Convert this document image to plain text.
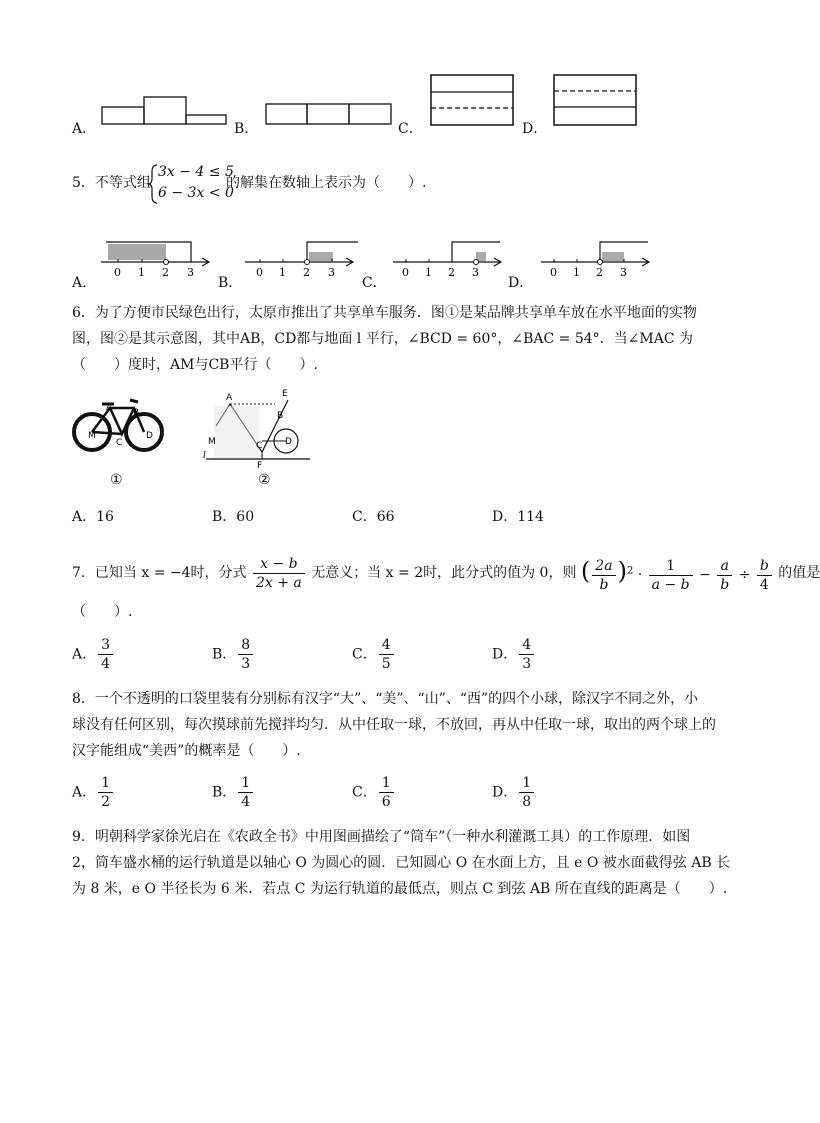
A．	B．	C．	D．
5．不等式组
3x − 4 ≤ 5
6 − 3x < 0
的解集在数轴上表示为（　　）.
A．
0 1 2 3
B．
0 1 2 3
C．
0 1 2 3
D．
0 1 2 3
6．为了方便市民绿色出行，太原市推出了共享单车服务．图①是某品牌共享单车放在水平地面的实物
图，图②是其示意图，其中AB，CD都与地面 l 平行，∠BCD = 60°，∠BAC = 54°．当∠MAC 为
（　　）度时，AM与CB平行（　　）.
A B
C
D
M
①
A
B
C	D
M
E
F
l
②
A．16	B．60	C．66	D．114
7．已知当 x = −4时，分式 $\frac{x - b}{2x + a}$ 无意义；当 x = 2时，此分式的值为 0，则 ( $\frac{2a}{b} )^2 \cdot \frac{1}{a - b} - \frac{a}{b} \div \frac{b}{4}$ 的值是
（　　）.
A． $\frac{3}{4}$	B． $\frac{8}{3}$	C． $\frac{4}{5}$	D． $\frac{4}{3}$
8．一个不透明的口袋里装有分别标有汉字“大”、“美”、“山”、“西”的四个小球，除汉字不同之外，小
球没有任何区别，每次摸球前先搅拌均匀．从中任取一球，不放回，再从中任取一球，取出的两个球上的
汉字能组成“美西”的概率是（　　）.
A． $\frac{1}{2}$	B． $\frac{1}{4}$	C． $\frac{1}{6}$	D． $\frac{1}{8}$
9．明朝科学家徐光启在《农政全书》中用图画描绘了“筒车”（一种水利灌溉工具）的工作原理．如图
2，筒车盛水桶的运行轨道是以轴心 O 为圆心的圆．已知圆心 O 在水面上方，且 e O 被水面截得弦 AB 长
为 8 米，e O 半径长为 6 米．若点 C 为运行轨道的最低点，则点 C 到弦 AB 所在直线的距离是（　　）.
